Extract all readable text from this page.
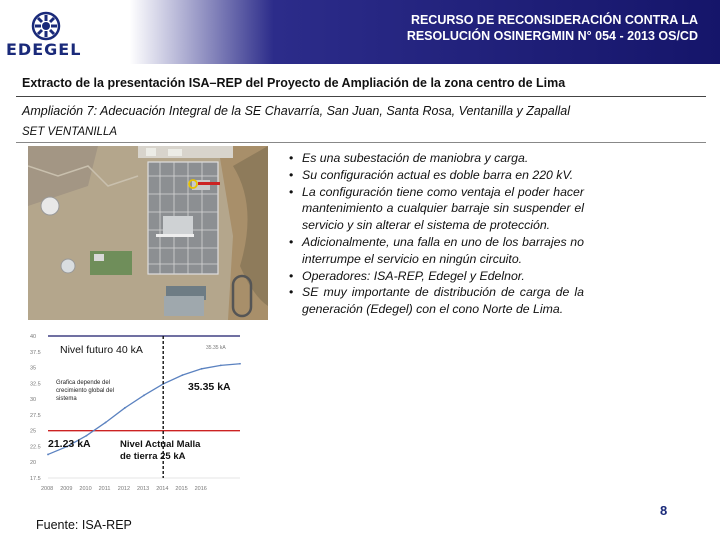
EDEGEL
RECURSO DE RECONSIDERACIÓN CONTRA LA
RESOLUCIÓN OSINERGMIN N° 054 - 2013 OS/CD
Extracto de la presentación ISA–REP del Proyecto de Ampliación de la zona centro de Lima
Ampliación 7: Adecuación Integral de la SE Chavarría, San Juan, Santa Rosa, Ventanilla y Zapallal
SET VENTANILLA
40
37.5
35
32.5
30
27.5
25
22.5
20
17.5
2008 2009 2010 2011 2012 2013 2014 2015 2016
Nivel futuro 40 kA	35.35 kA
Grafica depende del
crecimiento global del
sistema
35.35 kA
21.23 kA	Nivel Actual Malla
de tierra 25 kA
• Es una subestación de maniobra y carga.
• Su configuración actual es doble barra en 220 kV.
• La configuración tiene como ventaja el poder hacer mantenimiento a cualquier barraje sin suspender el servicio y sin alterar el sistema de protección.
• Adicionalmente, una falla en uno de los barrajes no interrumpe el servicio en ningún circuito.
• Operadores: ISA-REP, Edegel y Edelnor.
• SE muy importante de distribución de carga de la generación (Edegel) con el cono Norte de Lima.
8
Fuente: ISA-REP
